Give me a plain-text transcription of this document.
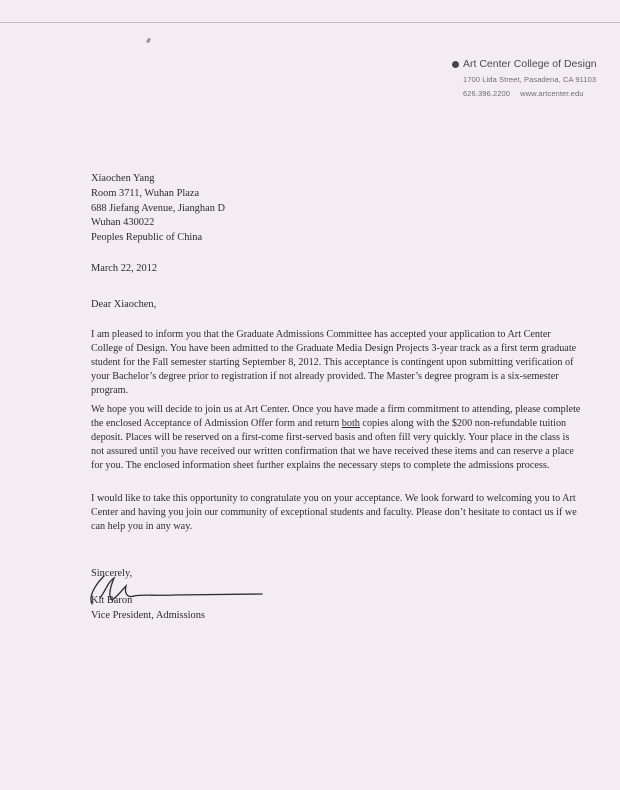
Art Center College of Design
1700 Lida Street, Pasadena, CA 91103
626.396.2200 www.artcenter.edu
Xiaochen Yang
Room 3711, Wuhan Plaza
688 Jiefang Avenue, Jianghan D
Wuhan 430022
Peoples Republic of China
March 22, 2012
Dear Xiaochen,
I am pleased to inform you that the Graduate Admissions Committee has accepted your application to Art Center College of Design. You have been admitted to the Graduate Media Design Projects 3-year track as a first term graduate student for the Fall semester starting September 8, 2012. This acceptance is contingent upon submitting verification of your Bachelor’s degree prior to registration if not already provided. The Master’s degree program is a six-semester program.
We hope you will decide to join us at Art Center. Once you have made a firm commitment to attending, please complete the enclosed Acceptance of Admission Offer form and return both copies along with the $200 non-refundable tuition deposit. Places will be reserved on a first-come first-served basis and often fill very quickly. Your place in the class is not assured until you have received our written confirmation that we have received these items and can reserve a place for you. The enclosed information sheet further explains the necessary steps to complete the admissions process.
I would like to take this opportunity to congratulate you on your acceptance. We look forward to welcoming you to Art Center and having you join our community of exceptional students and faculty. Please don’t hesitate to contact us if we can help you in any way.
Sincerely,
Kit Baron
Vice President, Admissions
